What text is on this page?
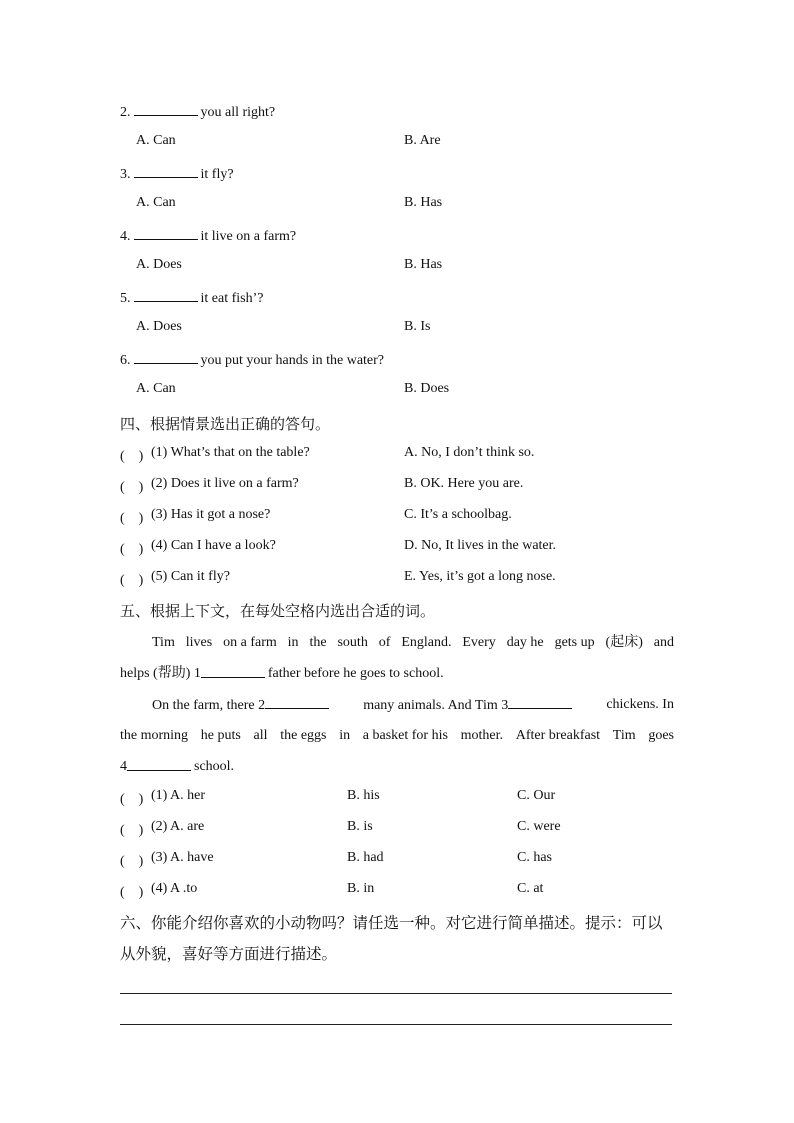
2.	you all right?
A. Can	B. Are
3.	it fly?
A. Can	B. Has
4.	it live on a farm?
A. Does	B. Has
5.	it eat fish’?
A. Does	B. Is
6.	you put your hands in the water?
A. Can	B. Does
四、根据情景选出正确的答句。
(　) (1) What’s that on the table?	A. No, I don’t think so.
(　) (2) Does it live on a farm?	B. OK. Here you are.
(　) (3) Has it got a nose?	C. It’s a schoolbag.
(　) (4) Can I have a look?	D. No, It lives in the water.
(　) (5) Can it fly?	E. Yes, it’s got a long nose.
五、根据上下文，在每处空格内选出合适的词。
Tim lives on a farm in the south of England. Every day he gets up (起床) and
helps (帮助) 1	father before he goes to school.
On the farm, there 2	many animals. And Tim 3	chickens. In
the morning he puts all the eggs in a basket for his mother. After breakfast Tim goes
4	school.
(　) (1) A. her	B. his	C. Our
(　) (2) A. are	B. is	C. were
(　) (3) A. have	B. had	C. has
(　) (4) A .to	B. in	C. at
六、你能介绍你喜欢的小动物吗？请任选一种。对它进行简单描述。提示：可以
从外貌，喜好等方面进行描述。
